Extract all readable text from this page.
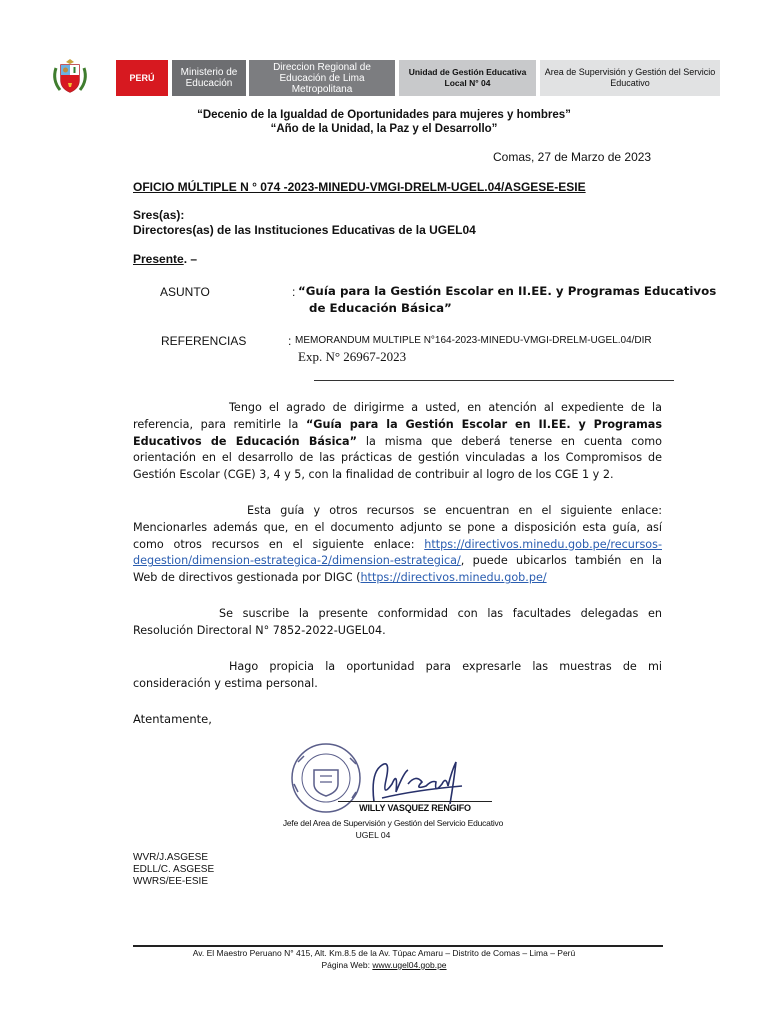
PERÚ	Ministerio de Educación
Direccion Regional de Educación de Lima Metropolitana
Unidad de Gestión Educativa Local N° 04
Area de Supervisión y Gestión del Servicio Educativo
“Decenio de la Igualdad de Oportunidades para mujeres y hombres”
“Año de la Unidad, la Paz y el Desarrollo”
Comas, 27 de Marzo de 2023
OFICIO MÚLTIPLE N ° 074 -2023-MINEDU-VMGI-DRELM-UGEL.04/ASGESE-ESIE
Sres(as):
Directores(as) de las Instituciones Educativas de la UGEL04
Presente. –
ASUNTO	: “Guía para la Gestión Escolar en II.EE. y Programas Educativos
de Educación Básica”
REFERENCIAS	: MEMORANDUM MULTIPLE N°164-2023-MINEDU-VMGI-DRELM-UGEL.04/DIR
Exp. N° 26967-2023
Tengo el agrado de dirigirme a usted, en atención al expediente de la referencia, para remitirle la “Guía para la Gestión Escolar en II.EE. y Programas Educativos de Educación Básica” la misma que deberá tenerse en cuenta como orientación en el desarrollo de las prácticas de gestión vinculadas a los Compromisos de Gestión Escolar (CGE) 3, 4 y 5, con la finalidad de contribuir al logro de los CGE 1 y 2.
Esta guía y otros recursos se encuentran en el siguiente enlace: Mencionarles además que, en el documento adjunto se pone a disposición esta guía, así como otros recursos en el siguiente enlace: https://directivos.minedu.gob.pe/recursos-degestion/dimension-estrategica-2/dimension-estrategica/, puede ubicarlos también en la Web de directivos gestionada por DIGC (https://directivos.minedu.gob.pe/
Se suscribe la presente conformidad con las facultades delegadas en Resolución Directoral N° 7852-2022-UGEL04.
Hago propicia la oportunidad para expresarle las muestras de mi consideración y estima personal.
Atentamente,
WILLY VASQUEZ RENGIFO
Jefe del Area de Supervisión y Gestión del Servicio Educativo
UGEL 04
WVR/J.ASGESE
EDLL/C. ASGESE
WWRS/EE-ESIE
Av. El Maestro Peruano N° 415, Alt. Km.8.5 de la Av. Túpac Amaru – Distrito de Comas – Lima – Perú
Página Web: www.ugel04.gob.pe
